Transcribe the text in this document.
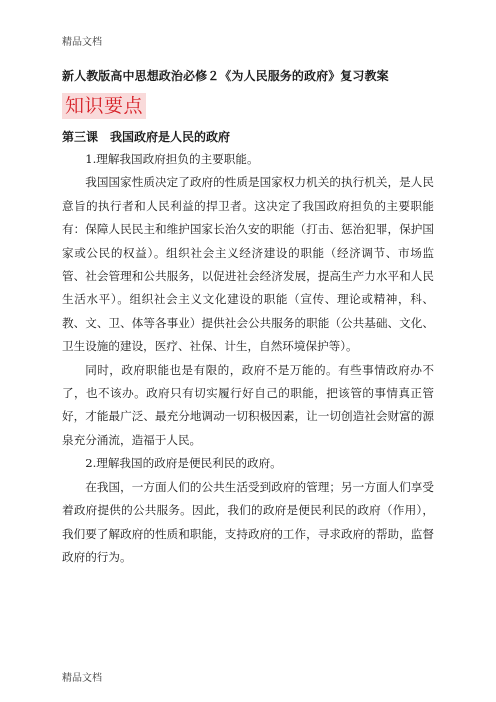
精品文档
新人教版高中思想政治必修２《为人民服务的政府》复习教案
知识要点
第三课　我国政府是人民的政府

1.理解我国政府担负的主要职能。

我国国家性质决定了政府的性质是国家权力机关的执行机关，是人民意旨的执行者和人民利益的捍卫者。这决定了我国政府担负的主要职能有：保障人民民主和维护国家长治久安的职能（打击、惩治犯罪，保护国家或公民的权益）。组织社会主义经济建设的职能（经济调节、市场监管、社会管理和公共服务，以促进社会经济发展，提高生产力水平和人民生活水平）。组织社会主义文化建设的职能（宣传、理论或精神，科、教、文、卫、体等各事业）提供社会公共服务的职能（公共基础、文化、卫生设施的建设，医疗、社保、计生，自然环境保护等）。

同时，政府职能也是有限的，政府不是万能的。有些事情政府办不了，也不该办。政府只有切实履行好自己的职能，把该管的事情真正管好，才能最广泛、最充分地调动一切积极因素，让一切创造社会财富的源泉充分涌流，造福于人民。

2.理解我国的政府是便民利民的政府。

在我国，一方面人们的公共生活受到政府的管理；另一方面人们享受着政府提供的公共服务。因此，我们的政府是便民利民的政府（作用），我们要了解政府的性质和职能，支持政府的工作，寻求政府的帮助，监督政府的行为。

精品文档
